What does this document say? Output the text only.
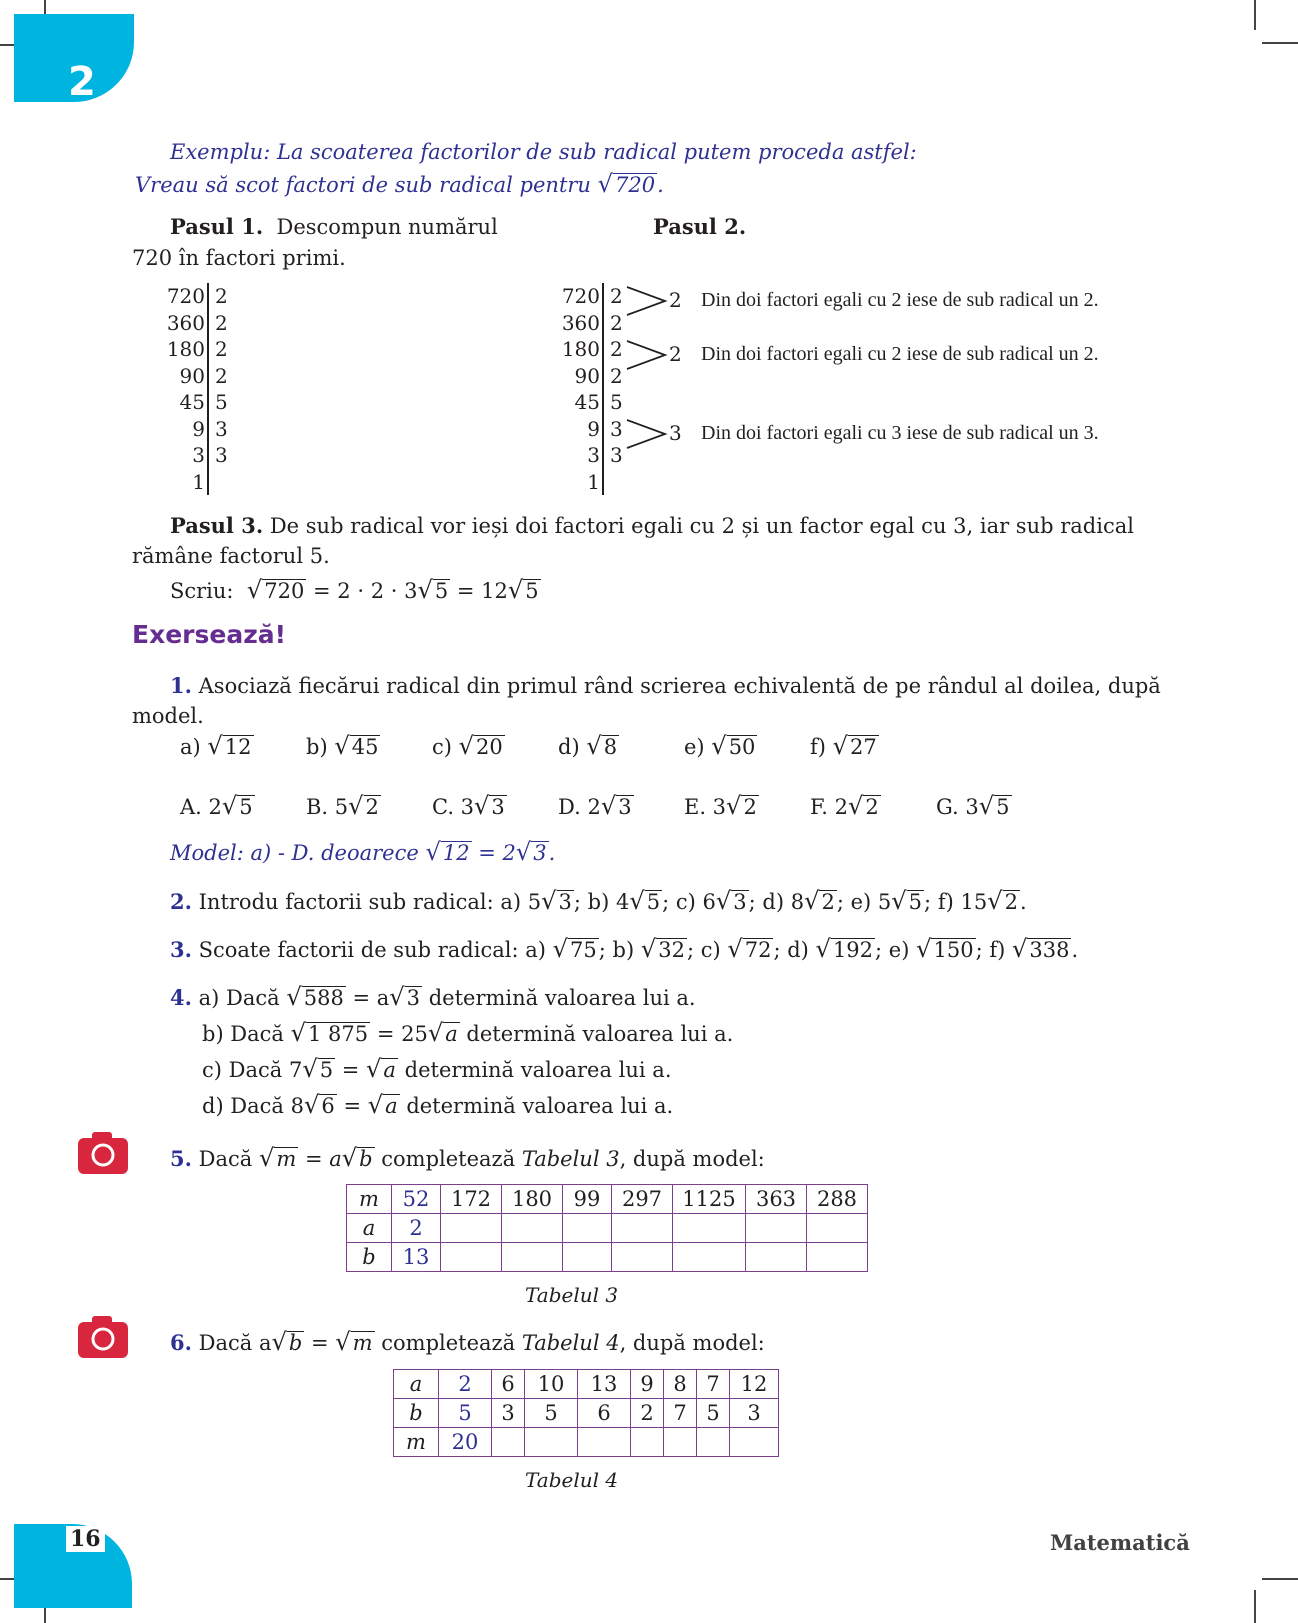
2
Exemplu: La scoaterea factorilor de sub radical putem proceda astfel:
Vreau să scot factori de sub radical pentru √720.
Pasul 1. Descompun numărul
720 în factori primi.
Pasul 2.
720 2
360 2
180 2
90 2
45 5
9 3
3 3
1
720 2
360 2
180 2
90 2
45 5
9 3
3 3
1
2 Din doi factori egali cu 2 iese de sub radical un 2.
2 Din doi factori egali cu 2 iese de sub radical un 2.
3 Din doi factori egali cu 3 iese de sub radical un 3.
Pasul 3. De sub radical vor ieși doi factori egali cu 2 și un factor egal cu 3, iar sub radical
rămâne factorul 5.
Scriu: √720 = 2 · 2 · 3√5 = 12√5
Exersează!
1. Asociază fiecărui radical din primul rând scrierea echivalentă de pe rândul al doilea, după
model.
a) √12	b) √45	c) √20	d) √8	e) √50	f) √27
A. 2√5	B. 5√2	C. 3√3	D. 2√3 E. 3√2	F. 2√2	G. 3√5
Model: a) - D. deoarece √12 = 2√3.
2. Introdu factorii sub radical: a) 5√3; b) 4√5; c) 6√3; d) 8√2; e) 5√5; f) 15√2.
3. Scoate factorii de sub radical: a) √75; b) √32; c) √72; d) √192; e) √150; f) √338.
4. a) Dacă √588 = a√3 determină valoarea lui a.
b) Dacă √1 875 = 25√a determină valoarea lui a.
c) Dacă 7√5 = √a determină valoarea lui a.
d) Dacă 8√6 = √a determină valoarea lui a.
5. Dacă √m = a√b completează Tabelul 3, după model:
m	52	172	180	99	297	1125	363	288
a	2							
b	13							
Tabelul 3
6. Dacă a√b = √m completează Tabelul 4, după model:
a	2	6	10	13	9	8	7	12
b	5	3	5	6	2	7	5	3
m	20							
Tabelul 4
16	Matematică
